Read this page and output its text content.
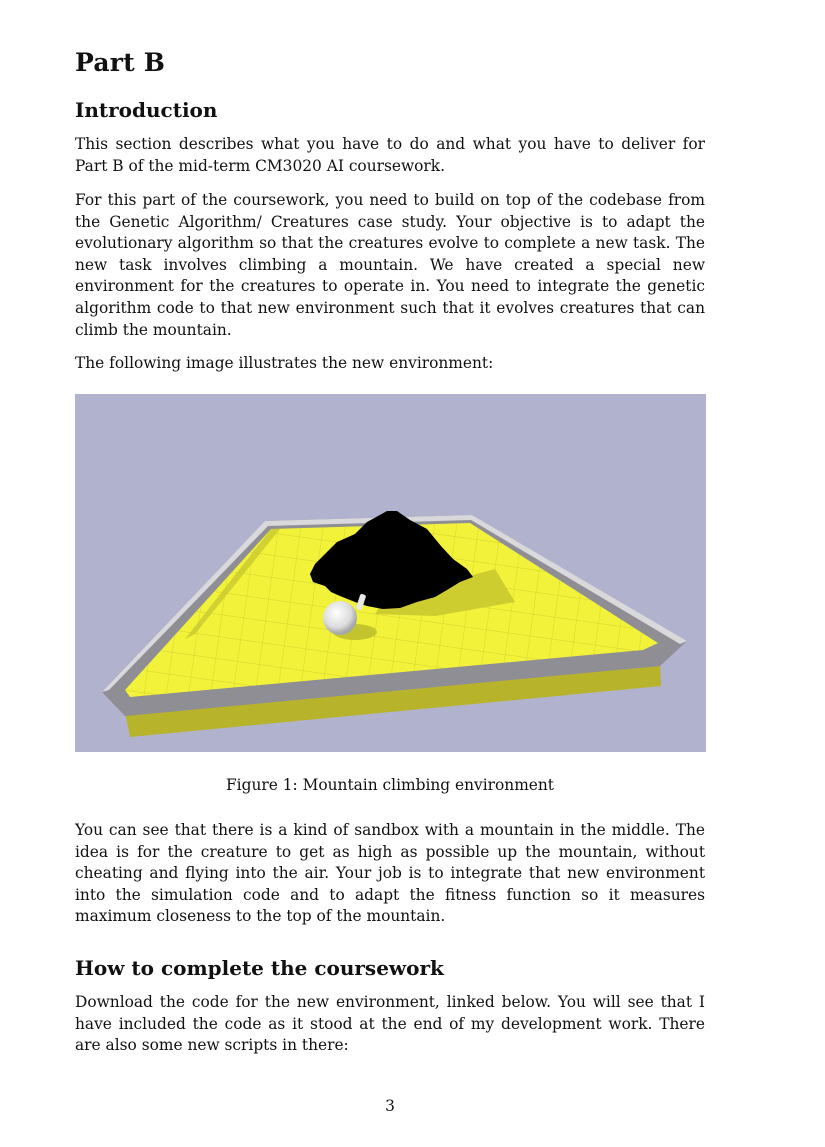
Part B
Introduction

This section describes what you have to do and what you have to deliver for Part B of the mid-term CM3020 AI coursework.

For this part of the coursework, you need to build on top of the codebase from the Genetic Algorithm/ Creatures case study. Your objective is to adapt the evolutionary algorithm so that the creatures evolve to complete a new task. The new task involves climbing a mountain. We have created a special new environment for the creatures to operate in. You need to integrate the genetic algorithm code to that new environment such that it evolves creatures that can climb the mountain.

The following image illustrates the new environment:

Figure 1: Mountain climbing environment

You can see that there is a kind of sandbox with a mountain in the middle. The idea is for the creature to get as high as possible up the mountain, without cheating and flying into the air. Your job is to integrate that new environment into the simulation code and to adapt the fitness function so it measures maximum closeness to the top of the mountain.

How to complete the coursework

Download the code for the new environment, linked below. You will see that I have included the code as it stood at the end of my development work. There are also some new scripts in there:

3
